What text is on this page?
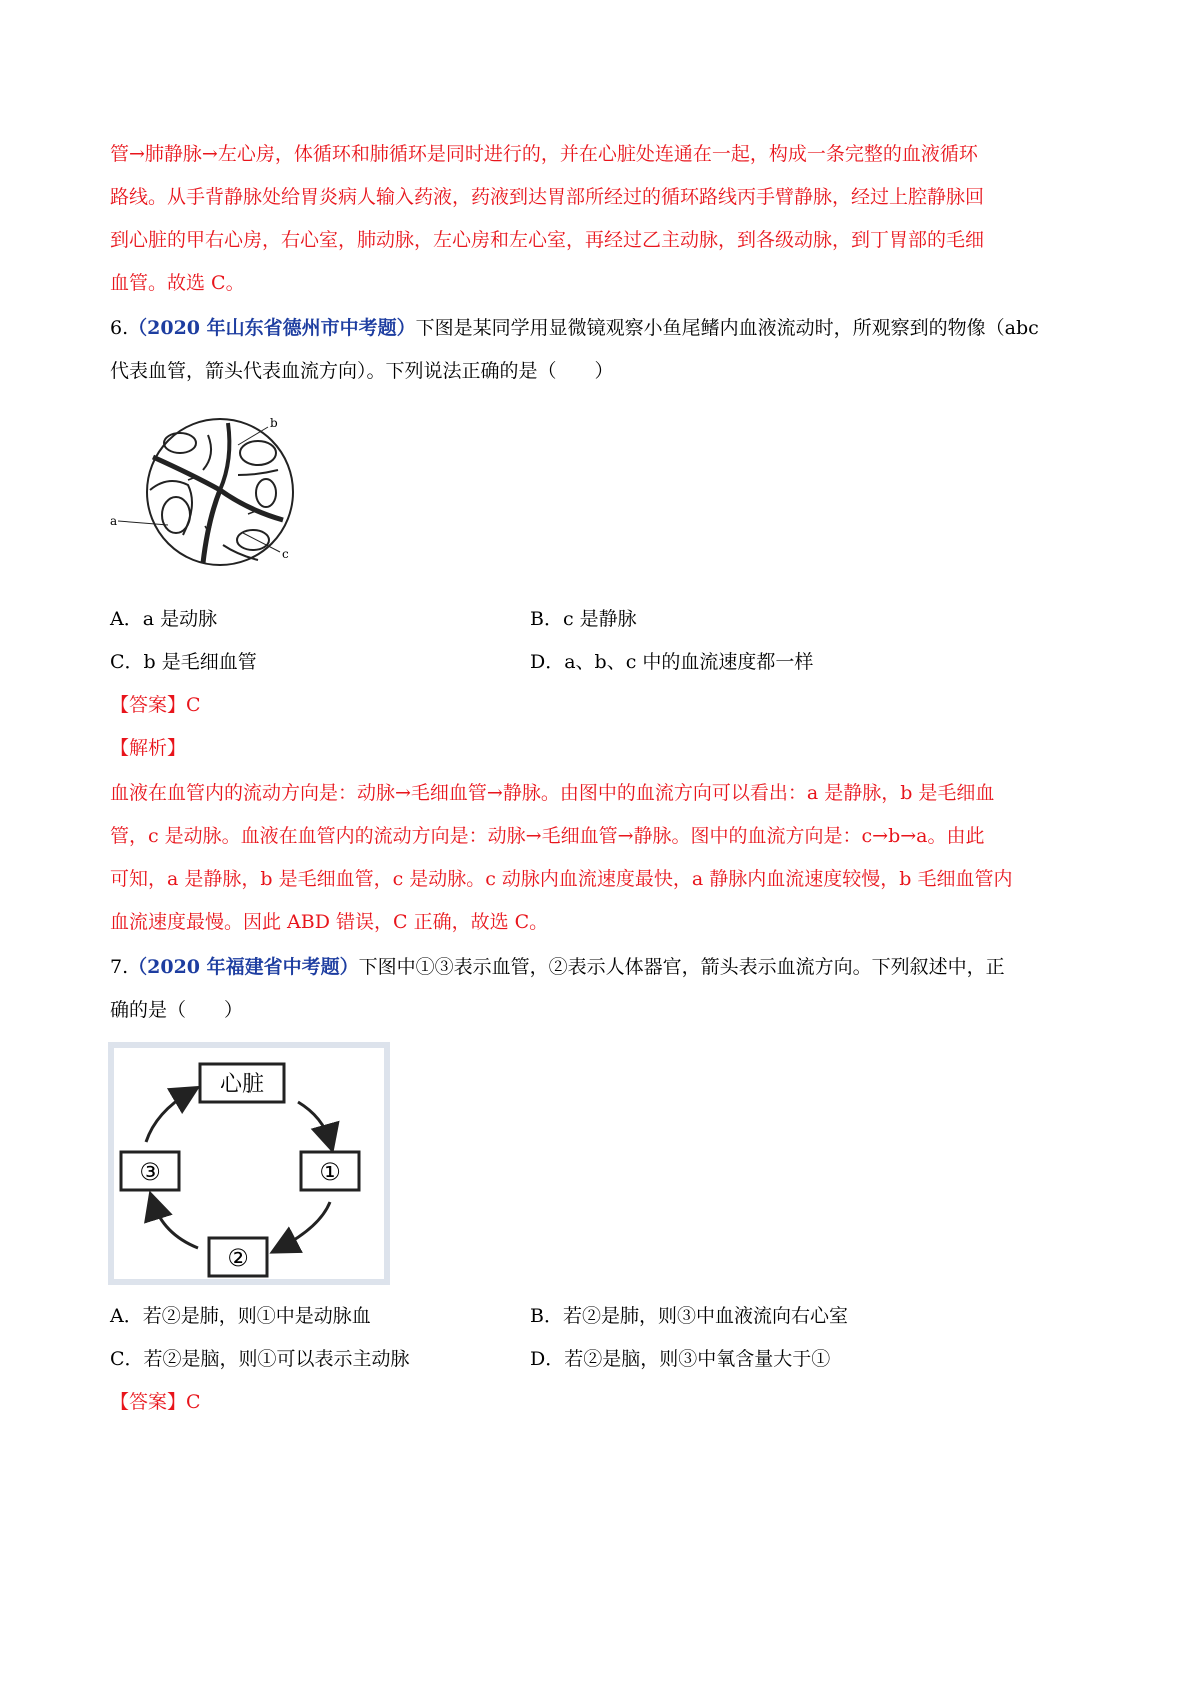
管→肺静脉→左心房，体循环和肺循环是同时进行的，并在心脏处连通在一起，构成一条完整的血液循环
路线。从手背静脉处给胃炎病人输入药液，药液到达胃部所经过的循环路线丙手臂静脉，经过上腔静脉回
到心脏的甲右心房，右心室，肺动脉，左心房和左心室，再经过乙主动脉，到各级动脉，到丁胃部的毛细
血管。故选 C。
6.（2020 年山东省德州市中考题）下图是某同学用显微镜观察小鱼尾鳍内血液流动时，所观察到的物像（abc
代表血管，箭头代表血流方向）。下列说法正确的是（　　）
a
b
c
A．a 是动脉	B．c 是静脉
C．b 是毛细血管	D．a、b、c 中的血流速度都一样
【答案】C
【解析】
血液在血管内的流动方向是：动脉→毛细血管→静脉。由图中的血流方向可以看出：a 是静脉，b 是毛细血
管，c 是动脉。血液在血管内的流动方向是：动脉→毛细血管→静脉。图中的血流方向是：c→b→a。由此
可知，a 是静脉，b 是毛细血管，c 是动脉。c 动脉内血流速度最快，a 静脉内血流速度较慢，b 毛细血管内
血流速度最慢。因此 ABD 错误，C 正确，故选 C。
7.（2020 年福建省中考题）下图中①③表示血管，②表示人体器官，箭头表示血流方向。下列叙述中，正
确的是（　　）
心脏
①
②
③
A．若②是肺，则①中是动脉血	B．若②是肺，则③中血液流向右心室
C．若②是脑，则①可以表示主动脉	D．若②是脑，则③中氧含量大于①
【答案】C
